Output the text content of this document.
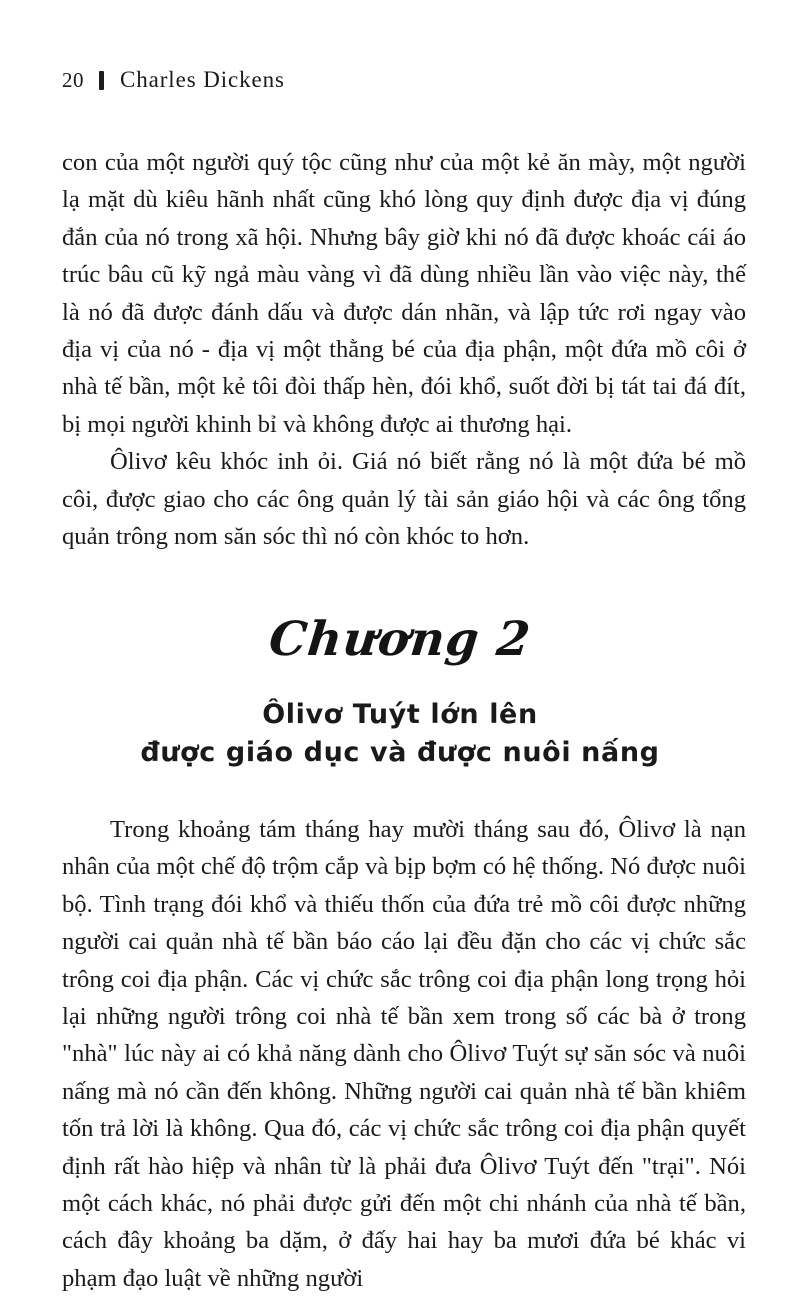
20 Charles Dickens

con của một người quý tộc cũng như của một kẻ ăn mày, một người lạ mặt dù kiêu hãnh nhất cũng khó lòng quy định được địa vị đúng đắn của nó trong xã hội. Nhưng bây giờ khi nó đã được khoác cái áo trúc bâu cũ kỹ ngả màu vàng vì đã dùng nhiều lần vào việc này, thế là nó đã được đánh dấu và được dán nhãn, và lập tức rơi ngay vào địa vị của nó - địa vị một thằng bé của địa phận, một đứa mồ côi ở nhà tế bần, một kẻ tôi đòi thấp hèn, đói khổ, suốt đời bị tát tai đá đít, bị mọi người khinh bỉ và không được ai thương hại.

Ôlivơ kêu khóc inh ỏi. Giá nó biết rằng nó là một đứa bé mồ côi, được giao cho các ông quản lý tài sản giáo hội và các ông tổng quản trông nom săn sóc thì nó còn khóc to hơn.

Chương 2
Ôlivơ Tuýt lớn lên
được giáo dục và được nuôi nấng

Trong khoảng tám tháng hay mười tháng sau đó, Ôlivơ là nạn nhân của một chế độ trộm cắp và bịp bợm có hệ thống. Nó được nuôi bộ. Tình trạng đói khổ và thiếu thốn của đứa trẻ mồ côi được những người cai quản nhà tế bần báo cáo lại đều đặn cho các vị chức sắc trông coi địa phận. Các vị chức sắc trông coi địa phận long trọng hỏi lại những người trông coi nhà tế bần xem trong số các bà ở trong "nhà" lúc này ai có khả năng dành cho Ôlivơ Tuýt sự săn sóc và nuôi nấng mà nó cần đến không. Những người cai quản nhà tế bần khiêm tốn trả lời là không. Qua đó, các vị chức sắc trông coi địa phận quyết định rất hào hiệp và nhân từ là phải đưa Ôlivơ Tuýt đến "trại". Nói một cách khác, nó phải được gửi đến một chi nhánh của nhà tế bần, cách đây khoảng ba dặm, ở đấy hai hay ba mươi đứa bé khác vi phạm đạo luật về những người
